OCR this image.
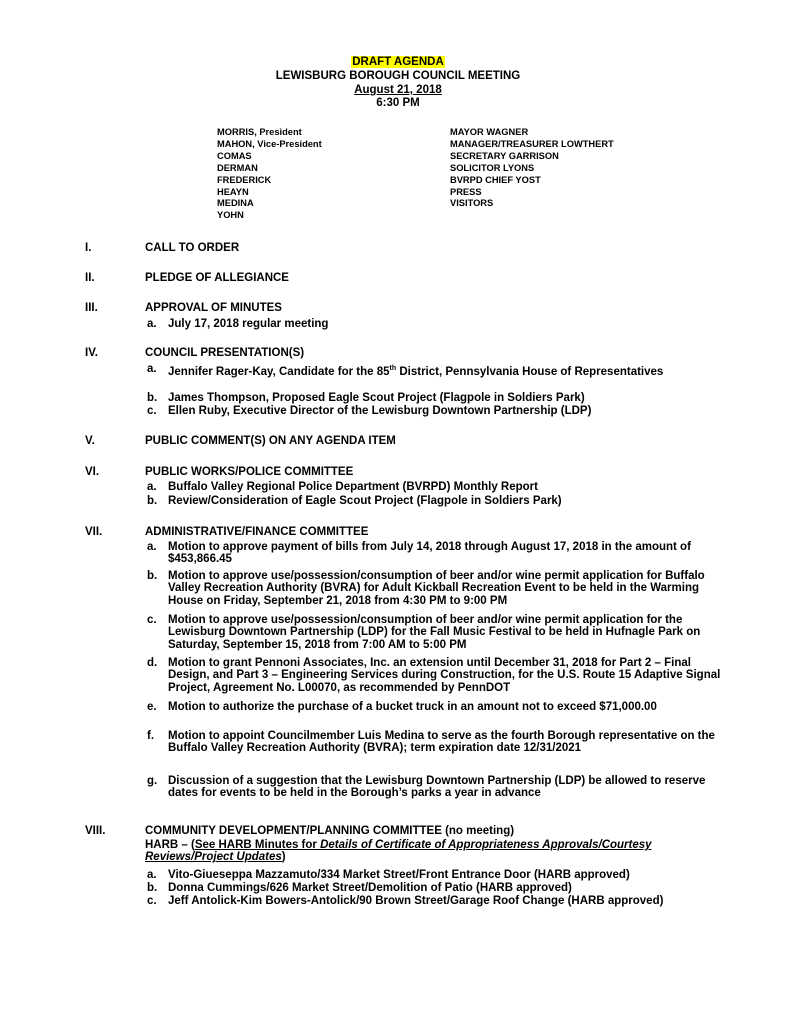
DRAFT AGENDA
LEWISBURG BOROUGH COUNCIL MEETING
August 21, 2018
6:30 PM
MORRIS, President
MAHON, Vice-President
COMAS
DERMAN
FREDERICK
HEAYN
MEDINA
YOHN
MAYOR WAGNER
MANAGER/TREASURER LOWTHERT
SECRETARY GARRISON
SOLICITOR LYONS
BVRPD CHIEF YOST
PRESS
VISITORS
I.	CALL TO ORDER
II.	PLEDGE OF ALLEGIANCE
III.	APPROVAL OF MINUTES
a. July 17, 2018 regular meeting
IV.	COUNCIL PRESENTATION(S)
a. Jennifer Rager-Kay, Candidate for the 85th District, Pennsylvania House of Representatives
b. James Thompson, Proposed Eagle Scout Project (Flagpole in Soldiers Park)
c. Ellen Ruby, Executive Director of the Lewisburg Downtown Partnership (LDP)
V.	PUBLIC COMMENT(S) ON ANY AGENDA ITEM
VI.	PUBLIC WORKS/POLICE COMMITTEE
a. Buffalo Valley Regional Police Department (BVRPD) Monthly Report
b. Review/Consideration of Eagle Scout Project (Flagpole in Soldiers Park)
VII.	ADMINISTRATIVE/FINANCE COMMITTEE
a. Motion to approve payment of bills from July 14, 2018 through August 17, 2018 in the amount of $453,866.45
b. Motion to approve use/possession/consumption of beer and/or wine permit application for Buffalo Valley Recreation Authority (BVRA) for Adult Kickball Recreation Event to be held in the Warming House on Friday, September 21, 2018 from 4:30 PM to 9:00 PM
c. Motion to approve use/possession/consumption of beer and/or wine permit application for the Lewisburg Downtown Partnership (LDP) for the Fall Music Festival to be held in Hufnagle Park on Saturday, September 15, 2018 from 7:00 AM to 5:00 PM
d. Motion to grant Pennoni Associates, Inc. an extension until December 31, 2018 for Part 2 – Final Design, and Part 3 – Engineering Services during Construction, for the U.S. Route 15 Adaptive Signal Project, Agreement No. L00070, as recommended by PennDOT
e. Motion to authorize the purchase of a bucket truck in an amount not to exceed $71,000.00
f. Motion to appoint Councilmember Luis Medina to serve as the fourth Borough representative on the Buffalo Valley Recreation Authority (BVRA); term expiration date 12/31/2021
g. Discussion of a suggestion that the Lewisburg Downtown Partnership (LDP) be allowed to reserve dates for events to be held in the Borough’s parks a year in advance
VIII.	COMMUNITY DEVELOPMENT/PLANNING COMMITTEE (no meeting)
HARB – (See HARB Minutes for Details of Certificate of Appropriateness Approvals/Courtesy Reviews/Project Updates)
a. Vito-Giueseppa Mazzamuto/334 Market Street/Front Entrance Door (HARB approved)
b. Donna Cummings/626 Market Street/Demolition of Patio (HARB approved)
c. Jeff Antolick-Kim Bowers-Antolick/90 Brown Street/Garage Roof Change (HARB approved)
